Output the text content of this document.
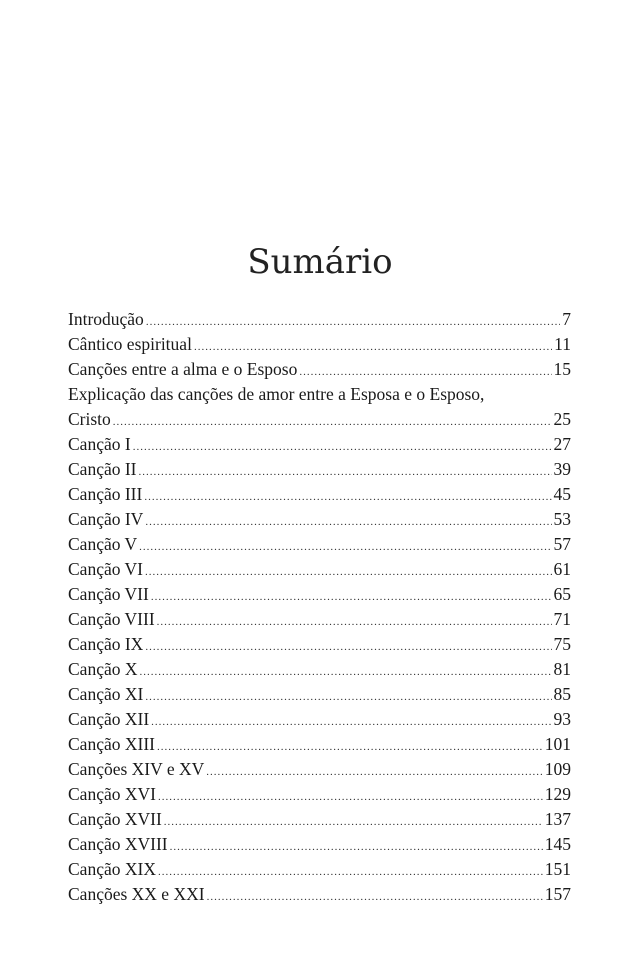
Sumário
Introdução .....	7
Cântico espiritual .....	11
Canções entre a alma e o Esposo .....	15
Explicação das canções de amor entre a Esposa e o Esposo,
Cristo .....	25
Canção I .....	27
Canção II .....	39
Canção III .....	45
Canção IV .....	53
Canção V .....	57
Canção VI .....	61
Canção VII .....	65
Canção VIII .....	71
Canção IX .....	75
Canção X .....	81
Canção XI .....	85
Canção XII .....	93
Canção XIII .....	101
Canções XIV e XV .....	109
Canção XVI .....	129
Canção XVII .....	137
Canção XVIII .....	145
Canção XIX .....	151
Canções XX e XXI .....	157
